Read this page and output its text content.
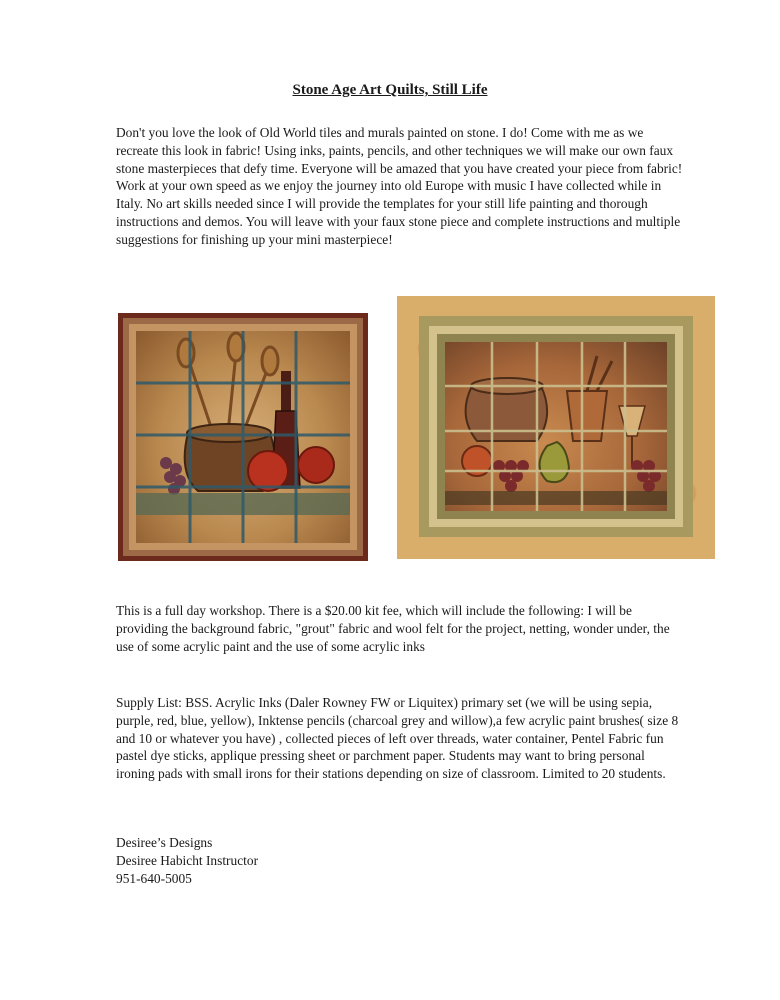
Stone Age Art Quilts, Still Life

Don't you love the look of Old World tiles and murals painted on stone. I do! Come with me as we recreate this look in fabric! Using inks, paints, pencils, and other techniques we will make our own faux stone masterpieces that defy time. Everyone will be amazed that you have created your piece from fabric! Work at your own speed as we enjoy the journey into old Europe with music I have collected while in Italy. No art skills needed since I will provide the templates for your still life painting and thorough instructions and demos. You will leave with your faux stone piece and complete instructions and multiple suggestions for finishing up your mini masterpiece!

This is a full day workshop. There is a $20.00 kit fee, which will include the following: I will be providing the background fabric, "grout" fabric and wool felt for the project, netting, wonder under, the use of some acrylic paint and the use of some acrylic inks

Supply List: BSS. Acrylic Inks (Daler Rowney FW or Liquitex) primary set (we will be using sepia, purple, red, blue, yellow), Inktense pencils (charcoal grey and willow),a few acrylic paint brushes( size 8 and 10 or whatever you have) , collected pieces of left over threads, water container, Pentel Fabric fun pastel dye sticks, applique pressing sheet or parchment paper. Students may want to bring personal ironing pads with small irons for their stations depending on size of classroom. Limited to 20 students.

Desiree’s Designs
Desiree Habicht Instructor
951-640-5005
